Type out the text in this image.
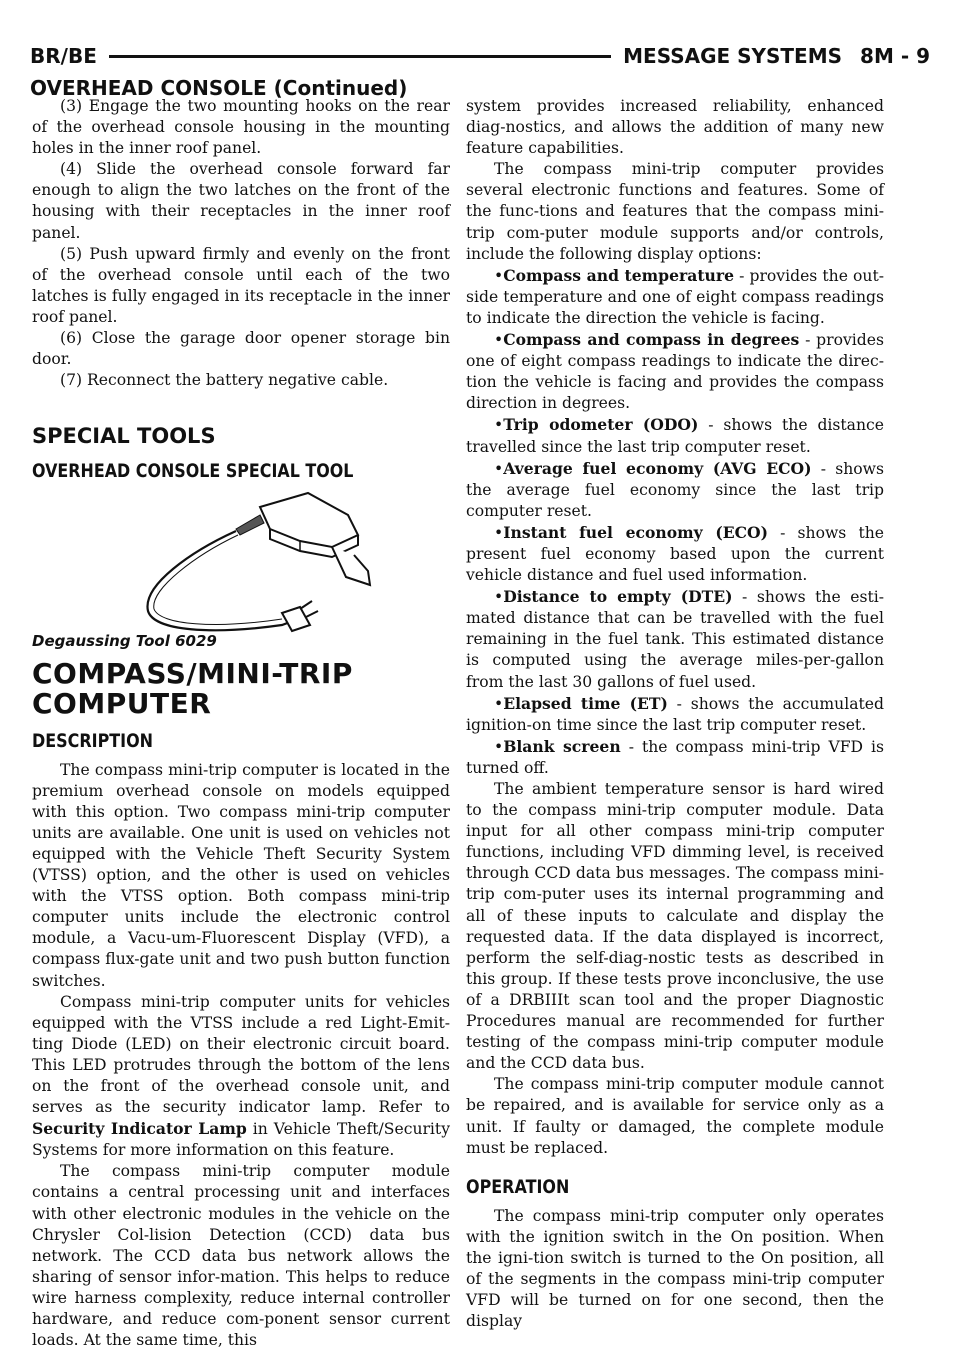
BR/BE	MESSAGE SYSTEMS 8M - 9
OVERHEAD CONSOLE (Continued)

(3) Engage the two mounting hooks on the rear of the overhead console housing in the mounting holes in the inner roof panel.

(4) Slide the overhead console forward far enough to align the two latches on the front of the housing with their receptacles in the inner roof panel.

(5) Push upward firmly and evenly on the front of the overhead console until each of the two latches is fully engaged in its receptacle in the inner roof panel.

(6) Close the garage door opener storage bin door.

(7) Reconnect the battery negative cable.

SPECIAL TOOLS
OVERHEAD CONSOLE SPECIAL TOOL
Degaussing Tool 6029
COMPASS/MINI-TRIP COMPUTER
DESCRIPTION

The compass mini-trip computer is located in the premium overhead console on models equipped with this option. Two compass mini-trip computer units are available. One unit is used on vehicles not equipped with the Vehicle Theft Security System (VTSS) option, and the other is used on vehicles with the VTSS option. Both compass mini-trip computer units include the electronic control module, a Vacu-um-Fluorescent Display (VFD), a compass flux-gate unit and two push button function switches.

Compass mini-trip computer units for vehicles equipped with the VTSS include a red Light-Emit-ting Diode (LED) on their electronic circuit board. This LED protrudes through the bottom of the lens on the front of the overhead console unit, and serves as the security indicator lamp. Refer to Security Indicator Lamp in Vehicle Theft/Security Systems for more information on this feature.

The compass mini-trip computer module contains a central processing unit and interfaces with other electronic modules in the vehicle on the Chrysler Col-lision Detection (CCD) data bus network. The CCD data bus network allows the sharing of sensor infor-mation. This helps to reduce wire harness complexity, reduce internal controller hardware, and reduce com-ponent sensor current loads. At the same time, this

system provides increased reliability, enhanced diag-nostics, and allows the addition of many new feature capabilities.

The compass mini-trip computer provides several electronic functions and features. Some of the func-tions and features that the compass mini-trip com-puter module supports and/or controls, include the following display options:

•Compass and temperature - provides the out-side temperature and one of eight compass readings to indicate the direction the vehicle is facing.

•Compass and compass in degrees - provides one of eight compass readings to indicate the direc-tion the vehicle is facing and provides the compass direction in degrees.

•Trip odometer (ODO) - shows the distance travelled since the last trip computer reset.

•Average fuel economy (AVG ECO) - shows the average fuel economy since the last trip computer reset.

•Instant fuel economy (ECO) - shows the present fuel economy based upon the current vehicle distance and fuel used information.

•Distance to empty (DTE) - shows the esti-mated distance that can be travelled with the fuel remaining in the fuel tank. This estimated distance is computed using the average miles-per-gallon from the last 30 gallons of fuel used.

•Elapsed time (ET) - shows the accumulated ignition-on time since the last trip computer reset.

•Blank screen - the compass mini-trip VFD is turned off.

The ambient temperature sensor is hard wired to the compass mini-trip computer module. Data input for all other compass mini-trip computer functions, including VFD dimming level, is received through CCD data bus messages. The compass mini-trip com-puter uses its internal programming and all of these inputs to calculate and display the requested data. If the data displayed is incorrect, perform the self-diag-nostic tests as described in this group. If these tests prove inconclusive, the use of a DRBIIIt scan tool and the proper Diagnostic Procedures manual are recommended for further testing of the compass mini-trip computer module and the CCD data bus.

The compass mini-trip computer module cannot be repaired, and is available for service only as a unit. If faulty or damaged, the complete module must be replaced.

OPERATION

The compass mini-trip computer only operates with the ignition switch in the On position. When the igni-tion switch is turned to the On position, all of the segments in the compass mini-trip computer VFD will be turned on for one second, then the display
